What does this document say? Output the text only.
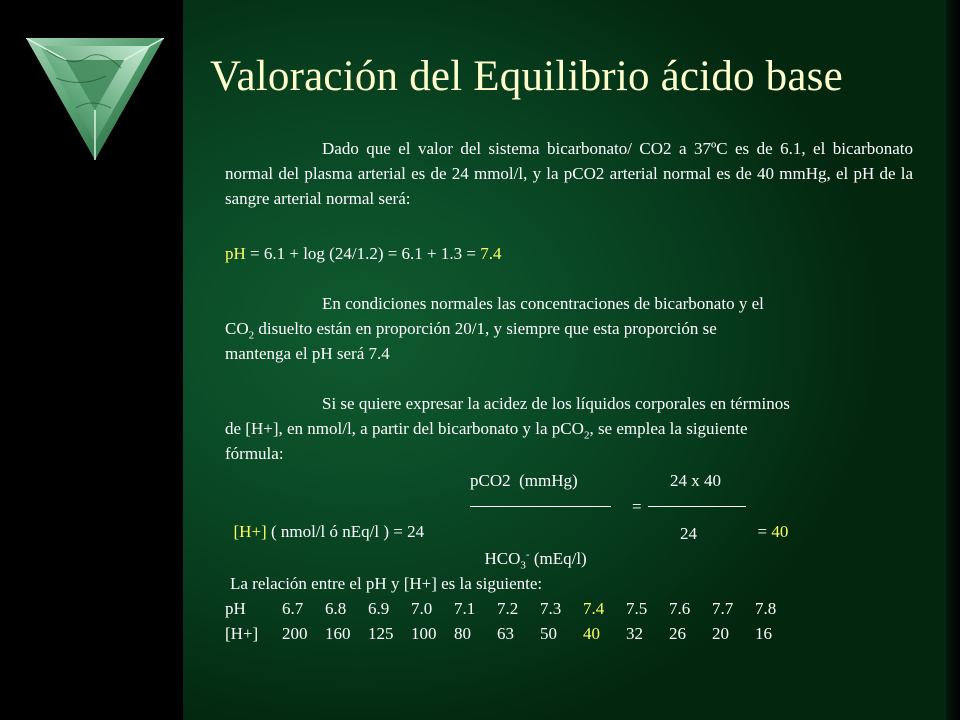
Valoración del Equilibrio ácido base

Dado que el valor del sistema bicarbonato/ CO2 a 37ºC es de 6.1, el bicarbonato normal del plasma arterial es de 24 mmol/l, y la pCO2 arterial normal es de 40 mmHg, el pH de la sangre arterial normal será:

pH = 6.1 + log (24/1.2) = 6.1 + 1.3 = 7.4

En condiciones normales las concentraciones de bicarbonato y el

$CO_2$ disuelto están en proporción 20/1, y siempre que esta proporción se

mantenga el pH será 7.4

Si se quiere expresar la acidez de los líquidos corporales en términos

de [H+], en nmol/l, a partir del bicarbonato y la pCO$_2$, se emplea la siguiente

fórmula:

pCO2  (mmHg)	24 x 40

[H+] ( nmol/l ó nEq/l ) = 24

=

= 40

$HCO_3^-$ (mEq/l)

24

La relación entre el pH y [H+] es la siguiente:

pH	6.7	6.8	6.9	7.0	7.1	7.2	7.3	7.4	7.5	7.6	7.7	7.8
[H+]	200	160	125	100	80	63	50	40	32	26	20	16
